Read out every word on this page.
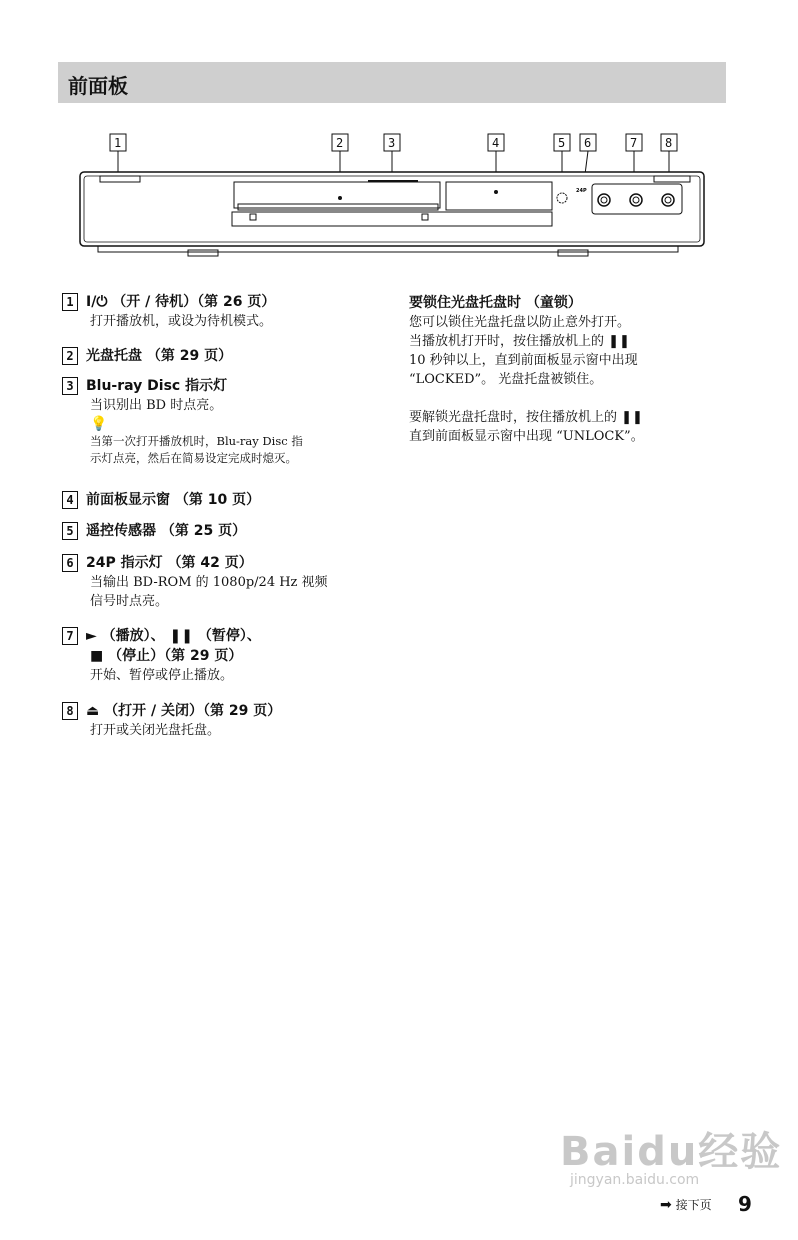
前面板
1	2	3	4	5 6	7 8
24P
1 I/⏻ （开 / 待机）（第 26 页）
打开播放机，或设为待机模式。
2 光盘托盘 （第 29 页）
3 Blu-ray Disc 指示灯
当识别出 BD 时点亮。
💡
当第一次打开播放机时，Blu-ray Disc 指
示灯点亮，然后在简易设定完成时熄灭。
4 前面板显示窗 （第 10 页）
5 遥控传感器 （第 25 页）
6 24P 指示灯 （第 42 页）
当输出 BD-ROM 的 1080p/24 Hz 视频
信号时点亮。
7 ► （播放）、 ❚❚ （暂停）、
■ （停止）（第 29 页）
开始、暂停或停止播放。
8 ⏏ （打开 / 关闭）（第 29 页）
打开或关闭光盘托盘。
要锁住光盘托盘时 （童锁）
您可以锁住光盘托盘以防止意外打开。
当播放机打开时，按住播放机上的 ❚❚
10 秒钟以上，直到前面板显示窗中出现
“LOCKED”。 光盘托盘被锁住。
要解锁光盘托盘时，按住播放机上的 ❚❚
直到前面板显示窗中出现 “UNLOCK”。
Baidu经验
jingyan.baidu.com
➡ 接下页 9
